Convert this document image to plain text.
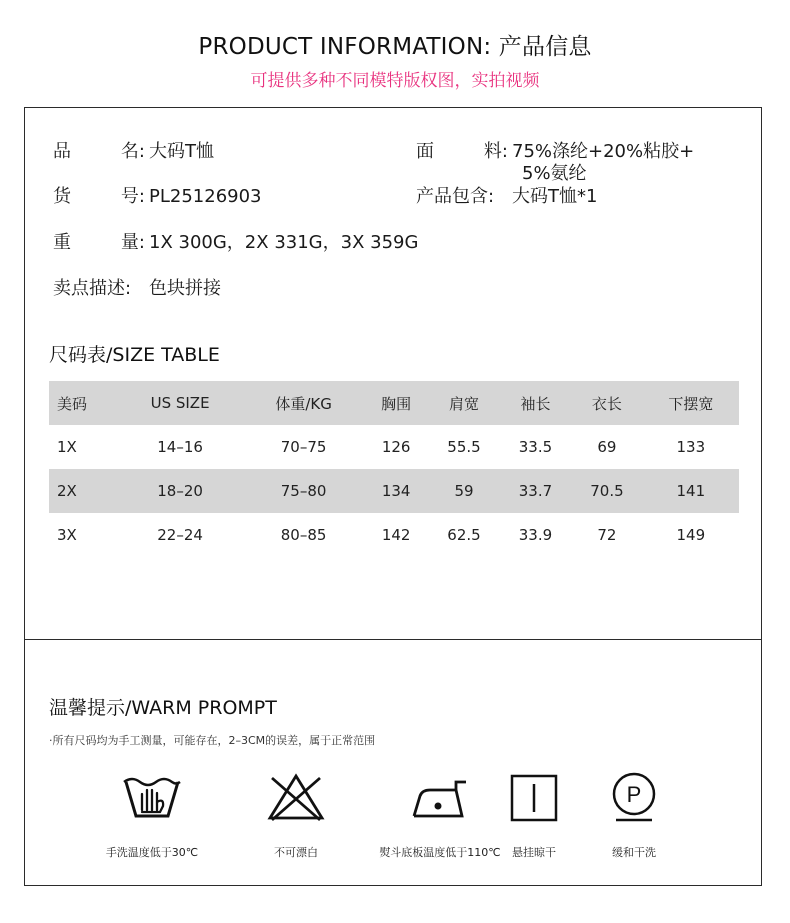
PRODUCT INFORMATION: 产品信息
可提供多种不同模特版权图，实拍视频
品	名: 大码T恤	面	料: 75%涤纶+20%粘胶+
5%氨纶
货	号: PL25126903	产品包含: 大码T恤*1
重	量: 1X 300G，2X 331G，3X 359G
卖点描述: 色块拼接
尺码表/SIZE TABLE
美码	US SIZE	体重/KG	胸围	肩宽	袖长	衣长	下摆宽
1X	14–16	70–75	126	55.5	33.5	69	133
2X	18–20	75–80	134	59	33.7	70.5	141
3X	22–24	80–85	142	62.5	33.9	72	149
温馨提示/WARM PROMPT
·所有尺码均为手工测量，可能存在，2–3CM的误差，属于正常范围
手洗温度低于30℃	不可漂白	熨斗底板温度低于110℃	悬挂晾干
P
缓和干洗
